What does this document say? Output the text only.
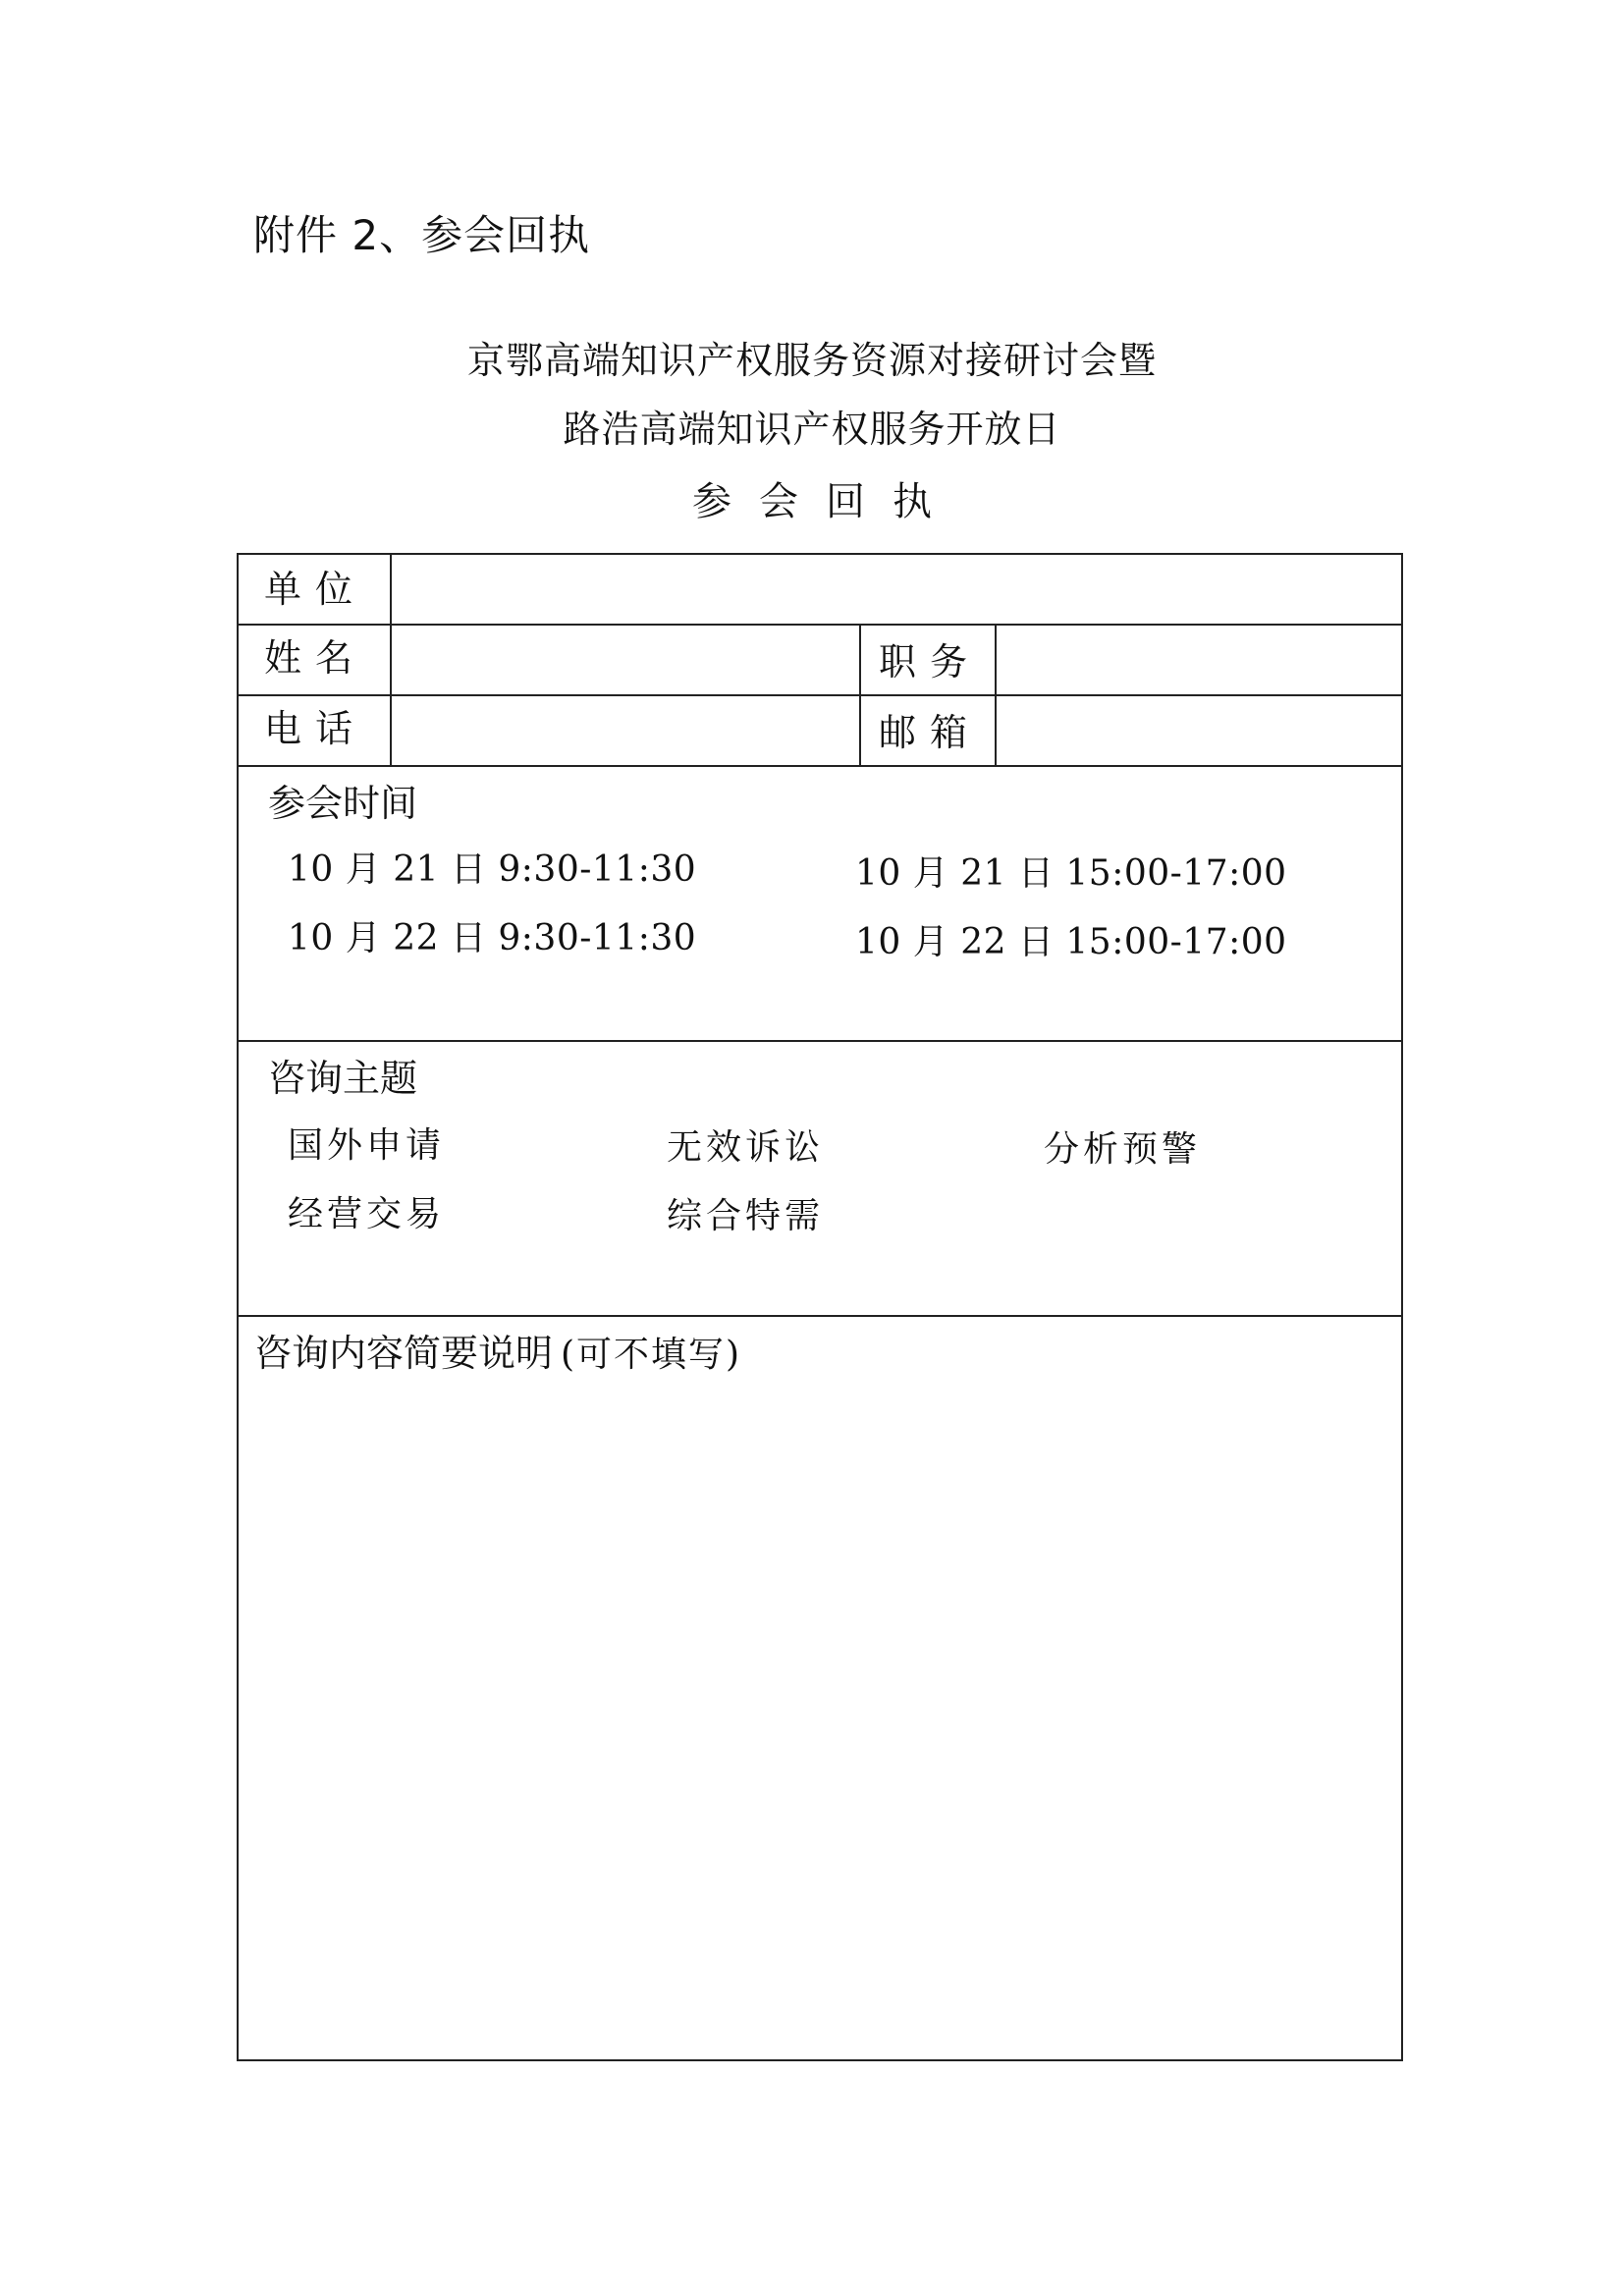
附件 2、参会回执
京鄂高端知识产权服务资源对接研讨会暨
路浩高端知识产权服务开放日
参会回执
单位
姓名	职务
电话	邮箱
参会时间
10 月 21 日 9:30-11:30	10 月 21 日 15:00-17:00
10 月 22 日 9:30-11:30	10 月 22 日 15:00-17:00
咨询主题
国外申请	无效诉讼	分析预警
经营交易	综合特需
咨询内容简要说明 (可不填写)
